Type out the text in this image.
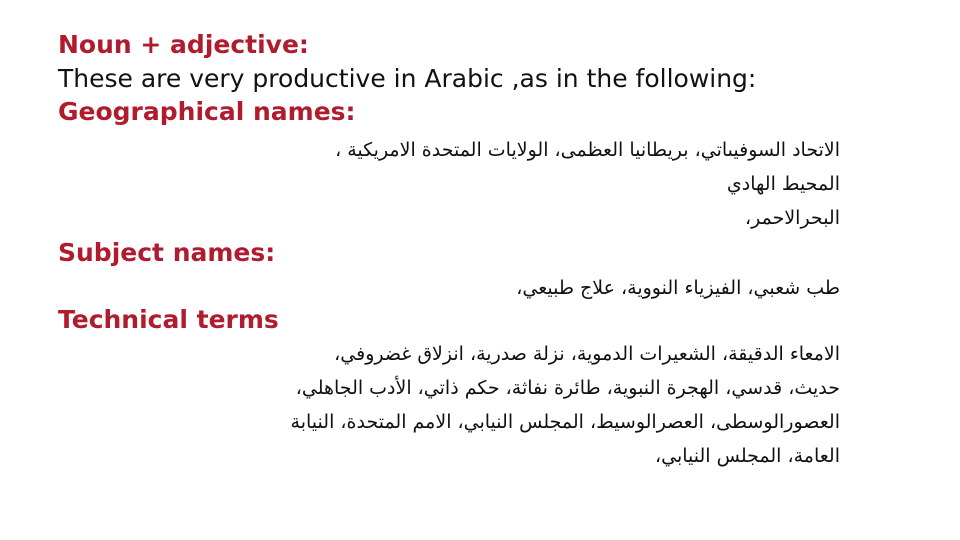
Noun + adjective:
These are very productive in Arabic ,as in the following:
Geographical names:
الاتحاد السوفيىاتي، بريطانيا العظمى، الولايات المتحدة الامريكية ،
المحيط الهادي
البحرالاحمر،
Subject names:
طب شعبي، الفيزياء النووية، علاج طبيعي،
Technical terms
الامعاء الدقيقة، الشعيرات الدموية، نزلة صدرية، انزلاق غضروفي،
حديث، قدسي، الهجرة النبوية، طائرة نفاثة، حكم ذاتي، الأدب الجاهلي،
العصورالوسطى، العصرالوسيط، المجلس النيابي، الامم المتحدة، النيابة
العامة، المجلس النيابي،
